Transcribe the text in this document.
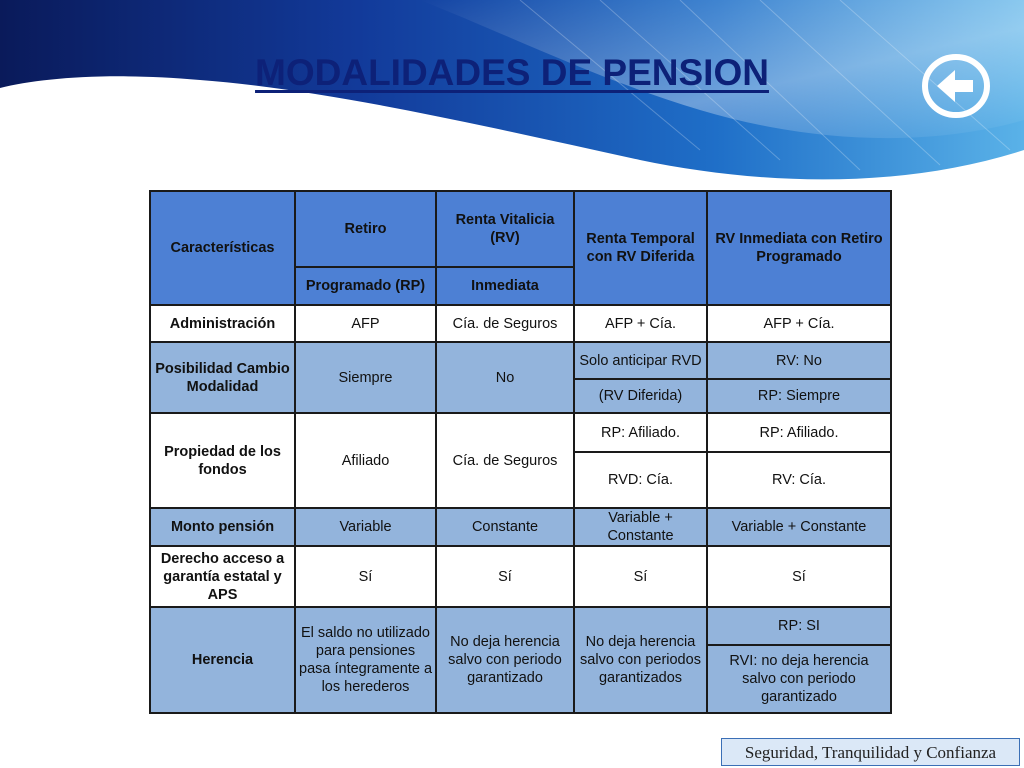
MODALIDADES DE PENSION
Características	Retiro	Renta Vitalicia (RV)	Renta Temporal con RV Diferida	RV Inmediata con Retiro Programado
	Programado (RP)	Inmediata		
Administración	AFP	Cía. de Seguros	AFP + Cía.	AFP + Cía.
Posibilidad Cambio Modalidad	Siempre	No	Solo anticipar RVD	RV: No
			(RV Diferida)	RP: Siempre
Propiedad de los fondos	Afiliado	Cía. de Seguros	RP: Afiliado.	RP: Afiliado.
			RVD: Cía.	RV: Cía.
Monto pensión	Variable	Constante	Variable + Constante	Variable + Constante
Derecho acceso a garantía estatal y APS	Sí	Sí	Sí	Sí
Herencia	El saldo no utilizado para pensiones pasa íntegramente a los herederos	No deja herencia salvo con periodo garantizado	No deja herencia salvo con periodos garantizados	RP: SI
				RVI: no deja herencia salvo con periodo garantizado
Seguridad, Tranquilidad y Confianza
